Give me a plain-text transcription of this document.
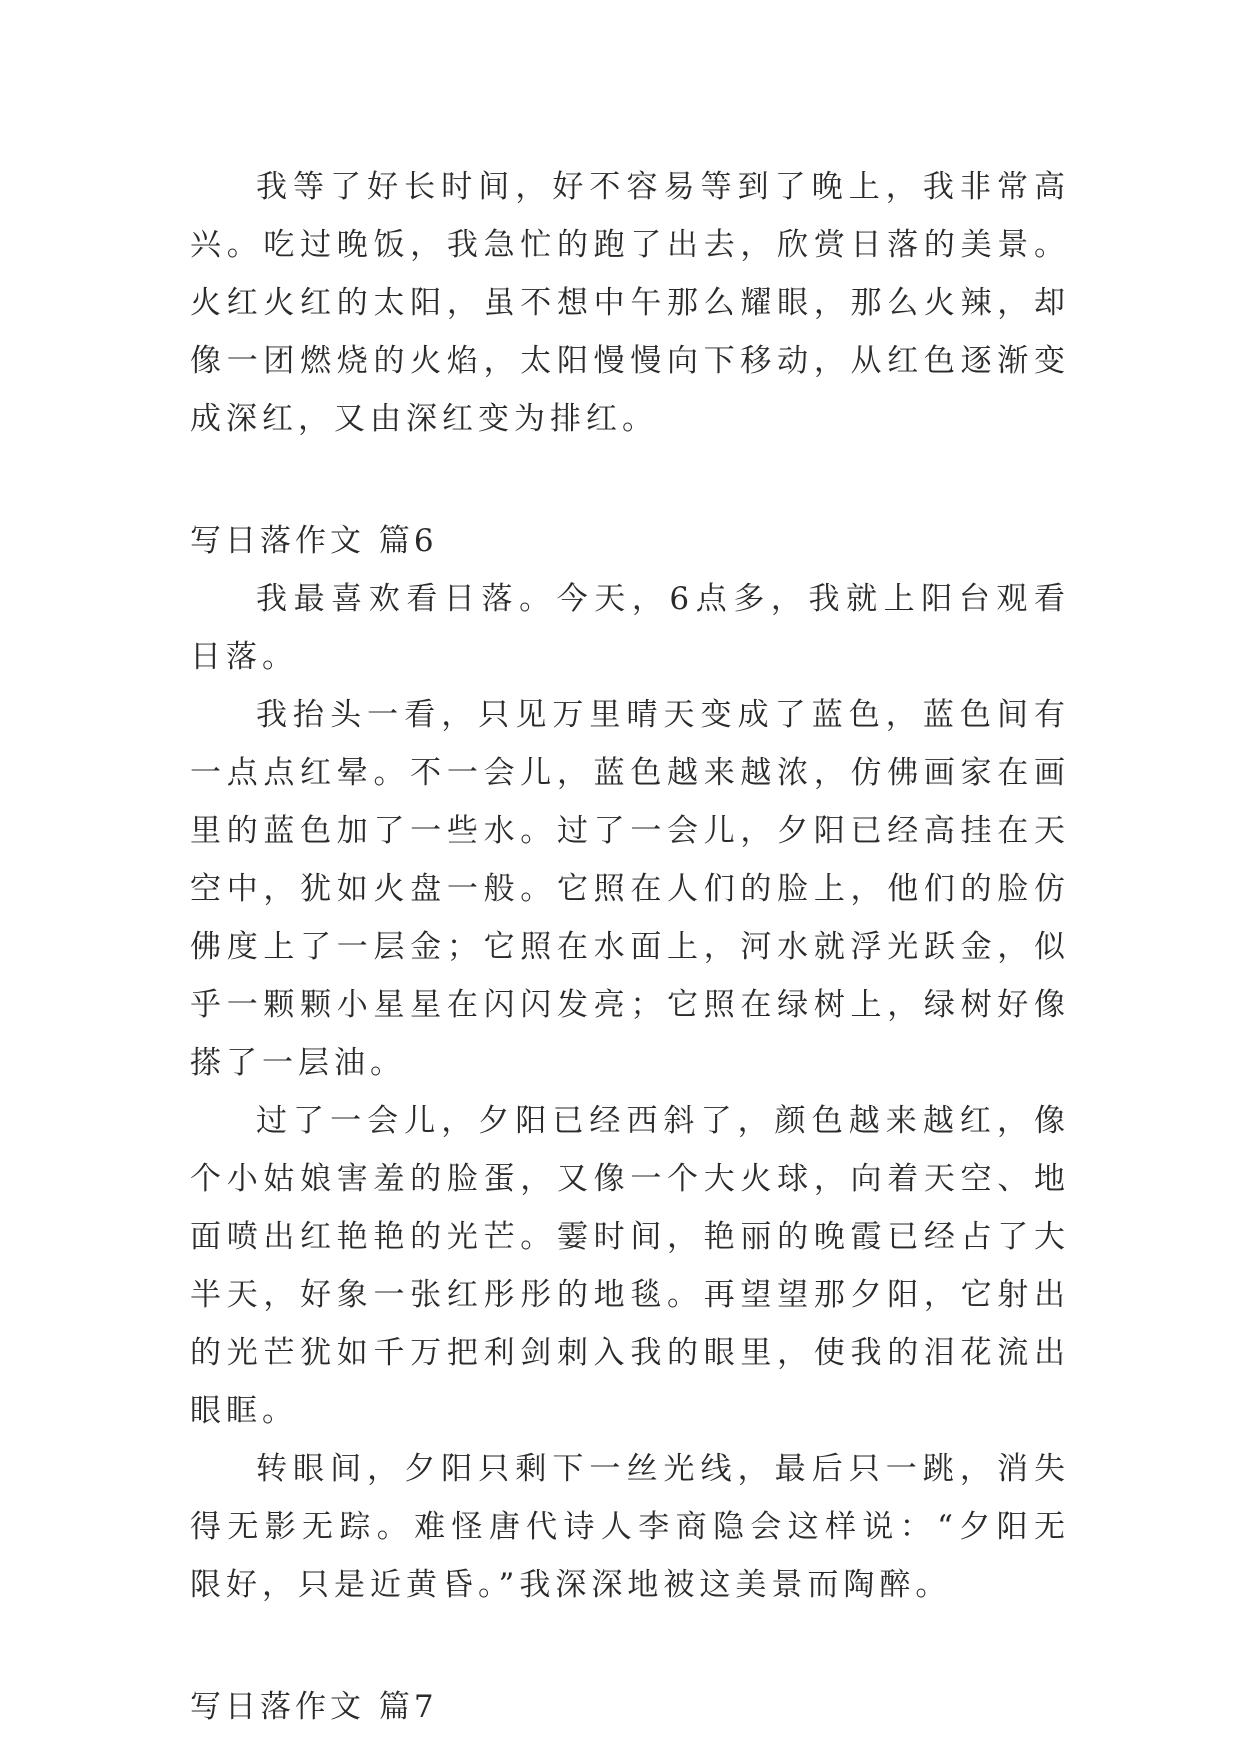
我等了好长时间，好不容易等到了晚上，我非常高兴。吃过晚饭，我急忙的跑了出去，欣赏日落的美景。火红火红的太阳，虽不想中午那么耀眼，那么火辣，却像一团燃烧的火焰，太阳慢慢向下移动，从红色逐渐变成深红，又由深红变为排红。

写日落作文 篇6

我最喜欢看日落。今天，6点多，我就上阳台观看日落。

我抬头一看，只见万里晴天变成了蓝色，蓝色间有一点点红晕。不一会儿，蓝色越来越浓，仿佛画家在画里的蓝色加了一些水。过了一会儿，夕阳已经高挂在天空中，犹如火盘一般。它照在人们的脸上，他们的脸仿佛度上了一层金；它照在水面上，河水就浮光跃金，似乎一颗颗小星星在闪闪发亮；它照在绿树上，绿树好像搽了一层油。

过了一会儿，夕阳已经西斜了，颜色越来越红，像个小姑娘害羞的脸蛋，又像一个大火球，向着天空、地面喷出红艳艳的光芒。霎时间，艳丽的晚霞已经占了大半天，好象一张红彤彤的地毯。再望望那夕阳，它射出的光芒犹如千万把利剑刺入我的眼里，使我的泪花流出眼眶。

转眼间，夕阳只剩下一丝光线，最后只一跳，消失得无影无踪。难怪唐代诗人李商隐会这样说：“夕阳无限好，只是近黄昏。”我深深地被这美景而陶醉。

写日落作文 篇7
